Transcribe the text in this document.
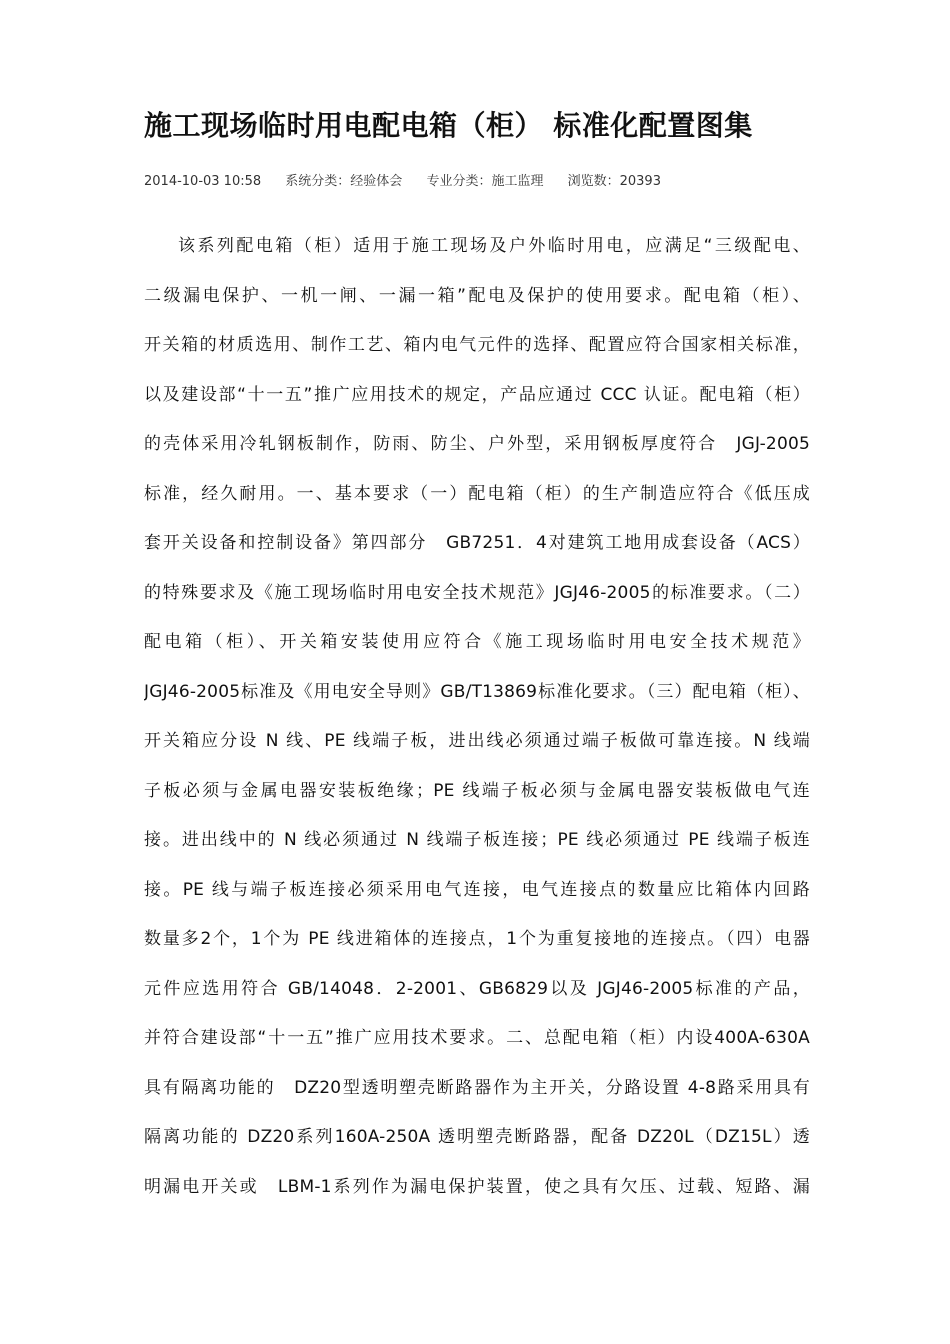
施工现场临时用电配电箱（柜） 标准化配置图集
2014-10-03 10:58 系统分类：经验体会 专业分类：施工监理 浏览数：20393
该系列配电箱（柜）适用于施工现场及户外临时用电，应满足“三级配电、
二级漏电保护、一机一闸、一漏一箱”配电及保护的使用要求。配电箱（柜）、
开关箱的材质选用、制作工艺、箱内电气元件的选择、配置应符合国家相关标准，
以及建设部“十一五”推广应用技术的规定，产品应通过 CCC 认证。配电箱（柜）
的壳体采用冷轧钢板制作，防雨、防尘、户外型，采用钢板厚度符合　JGJ-2005
标准，经久耐用。一、基本要求（一）配电箱（柜）的生产制造应符合《低压成
套开关设备和控制设备》第四部分　GB7251．4对建筑工地用成套设备（ACS）
的特殊要求及《施工现场临时用电安全技术规范》JGJ46-2005的标准要求。（二）
配电箱（柜）、开关箱安装使用应符合《施工现场临时用电安全技术规范》
JGJ46-2005标准及《用电安全导则》GB/T13869标准化要求。（三）配电箱（柜）、
开关箱应分设 N 线、PE 线端子板，进出线必须通过端子板做可靠连接。N 线端
子板必须与金属电器安装板绝缘；PE 线端子板必须与金属电器安装板做电气连
接。进出线中的 N 线必须通过 N 线端子板连接；PE 线必须通过 PE 线端子板连
接。PE 线与端子板连接必须采用电气连接，电气连接点的数量应比箱体内回路
数量多2个，1个为 PE 线进箱体的连接点，1个为重复接地的连接点。（四）电器
元件应选用符合 GB/14048．2-2001、GB6829以及 JGJ46-2005标准的产品，
并符合建设部“十一五”推广应用技术要求。二、总配电箱（柜）内设400A-630A
具有隔离功能的　DZ20型透明塑壳断路器作为主开关，分路设置 4-8路采用具有
隔离功能的 DZ20系列160A-250A 透明塑壳断路器，配备 DZ20L（DZ15L）透
明漏电开关或　LBM-1系列作为漏电保护装置，使之具有欠压、过载、短路、漏
